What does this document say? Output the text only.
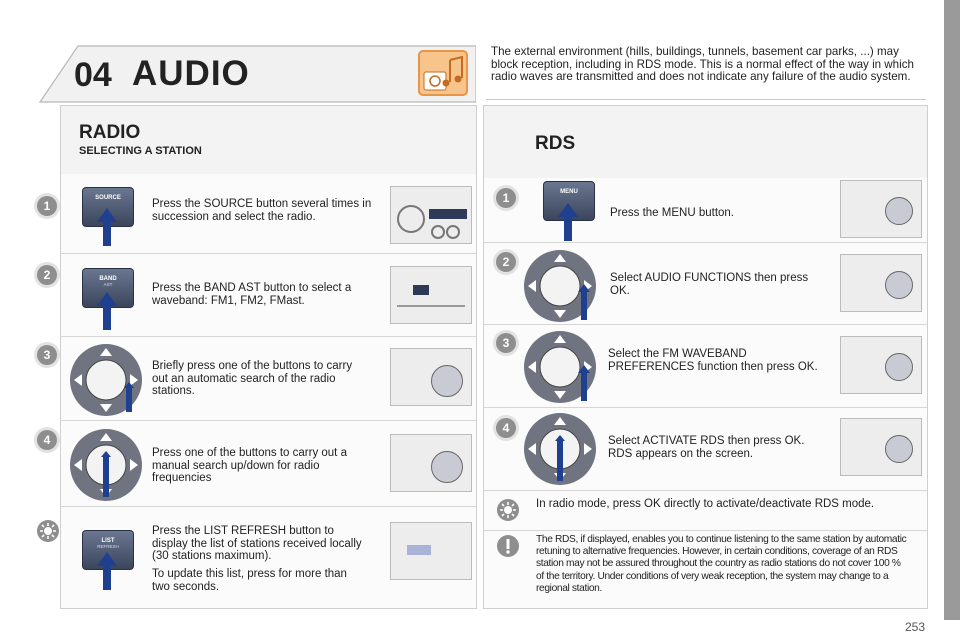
04 AUDIO
The external environment (hills, buildings, tunnels, basement car parks, ...) may block reception, including in RDS mode. This is a normal effect of the way in which radio waves are transmitted and does not indicate any failure of the audio system.
RADIO
SELECTING A STATION
1
SOURCE	Press the SOURCE button several times in succession and select the radio.
2	BAND
AST	Press the BAND AST button to select a waveband: FM1, FM2, FMast.
3
Briefly press one of the buttons to carry out an automatic search of the radio stations.
4
Press one of the buttons to carry out a manual search up/down for radio frequencies
LIST
REFRESH
Press the LIST REFRESH button to display the list of stations received locally (30 stations maximum).
To update this list, press for more than two seconds.
RDS
1	MENU
Press the MENU button.
2
Select AUDIO FUNCTIONS then press OK.
3
Select the FM WAVEBAND PREFERENCES function then press OK.
4
Select ACTIVATE RDS then press OK. RDS appears on the screen.
In radio mode, press OK directly to activate/deactivate RDS mode.
The RDS, if displayed, enables you to continue listening to the same station by automatic retuning to alternative frequencies. However, in certain conditions, coverage of an RDS station may not be assured throughout the country as radio stations do not cover 100 % of the territory. Under conditions of very weak reception, the system may change to a regional station.
253
